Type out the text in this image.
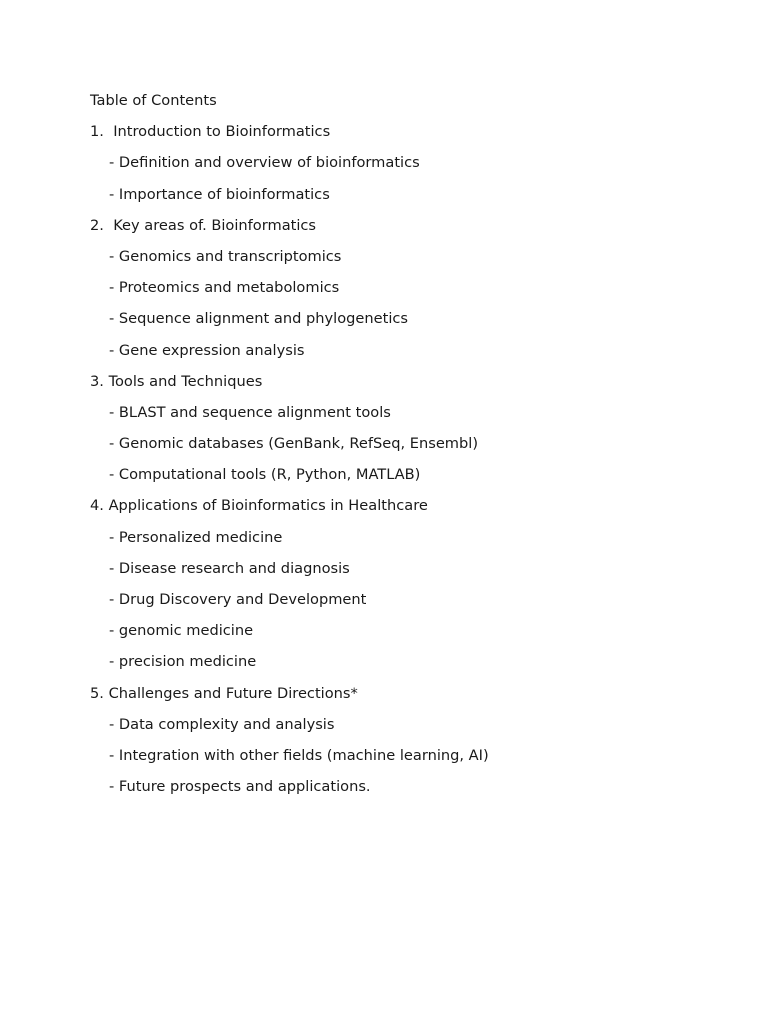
Table of Contents
1.  Introduction to Bioinformatics
- Definition and overview of bioinformatics
- Importance of bioinformatics
2.  Key areas of. Bioinformatics
- Genomics and transcriptomics
- Proteomics and metabolomics
- Sequence alignment and phylogenetics
- Gene expression analysis
3. Tools and Techniques
- BLAST and sequence alignment tools
- Genomic databases (GenBank, RefSeq, Ensembl)
- Computational tools (R, Python, MATLAB)
4. Applications of Bioinformatics in Healthcare
- Personalized medicine
- Disease research and diagnosis
- Drug Discovery and Development
- genomic medicine
- precision medicine
5. Challenges and Future Directions*
- Data complexity and analysis
- Integration with other fields (machine learning, AI)
- Future prospects and applications.
